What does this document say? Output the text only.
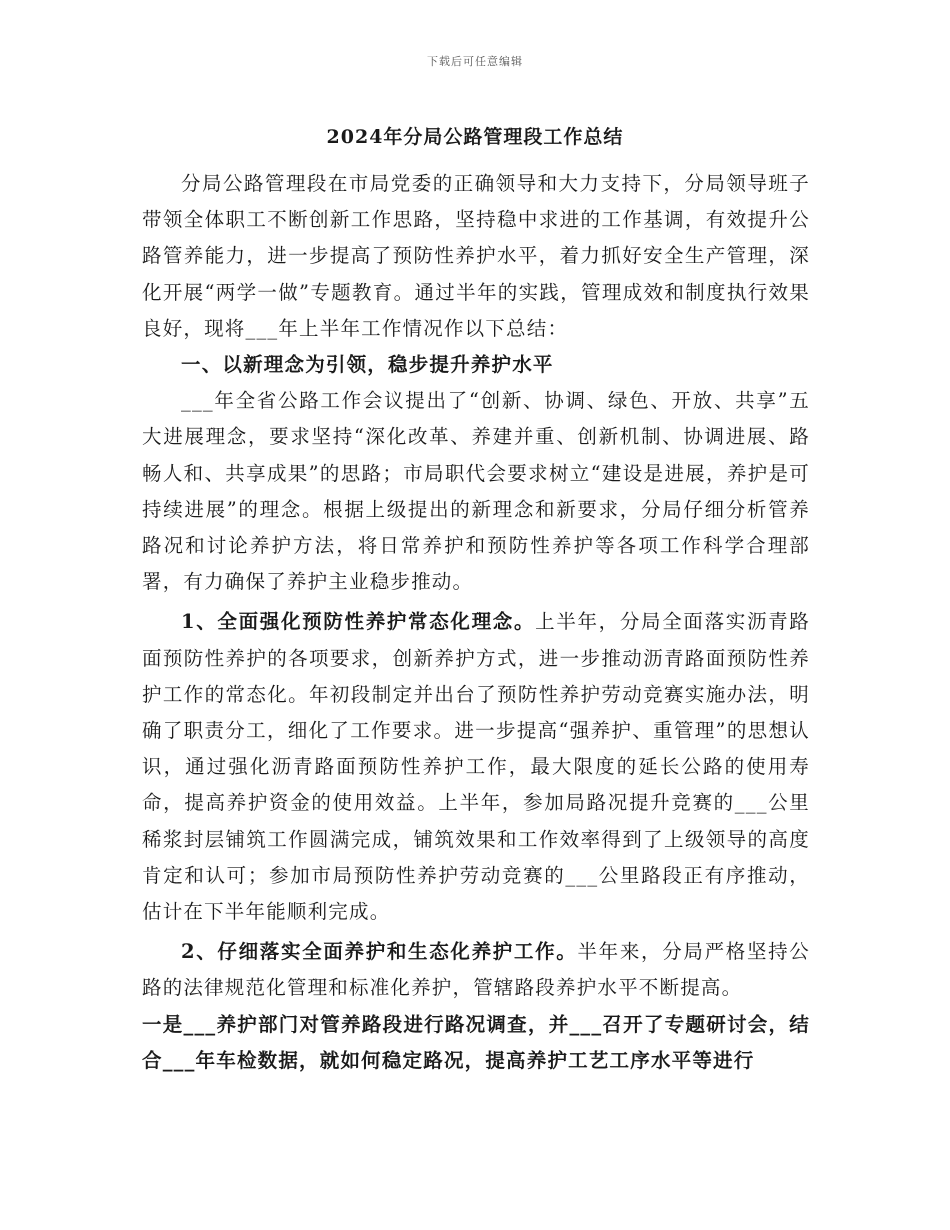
下载后可任意编辑
2024年分局公路管理段工作总结

分局公路管理段在市局党委的正确领导和大力支持下，分局领导班子带领全体职工不断创新工作思路，坚持稳中求进的工作基调，有效提升公路管养能力，进一步提高了预防性养护水平，着力抓好安全生产管理，深化开展“两学一做”专题教育。通过半年的实践，管理成效和制度执行效果良好，现将___年上半年工作情况作以下总结：

一、以新理念为引领，稳步提升养护水平

___年全省公路工作会议提出了“创新、协调、绿色、开放、共享”五大进展理念，要求坚持“深化改革、养建并重、创新机制、协调进展、路畅人和、共享成果”的思路；市局职代会要求树立“建设是进展，养护是可持续进展”的理念。根据上级提出的新理念和新要求，分局仔细分析管养路况和讨论养护方法，将日常养护和预防性养护等各项工作科学合理部署，有力确保了养护主业稳步推动。

1、全面强化预防性养护常态化理念。上半年，分局全面落实沥青路面预防性养护的各项要求，创新养护方式，进一步推动沥青路面预防性养护工作的常态化。年初段制定并出台了预防性养护劳动竞赛实施办法，明确了职责分工，细化了工作要求。进一步提高“强养护、重管理”的思想认识，通过强化沥青路面预防性养护工作，最大限度的延长公路的使用寿命，提高养护资金的使用效益。上半年，参加局路况提升竞赛的___公里稀浆封层铺筑工作圆满完成，铺筑效果和工作效率得到了上级领导的高度肯定和认可；参加市局预防性养护劳动竞赛的___公里路段正有序推动，估计在下半年能顺利完成。

2、仔细落实全面养护和生态化养护工作。半年来，分局严格坚持公路的法律规范化管理和标准化养护，管辖路段养护水平不断提高。

一是___养护部门对管养路段进行路况调查，并___召开了专题研讨会，结合___年车检数据，就如何稳定路况，提高养护工艺工序水平等进行
